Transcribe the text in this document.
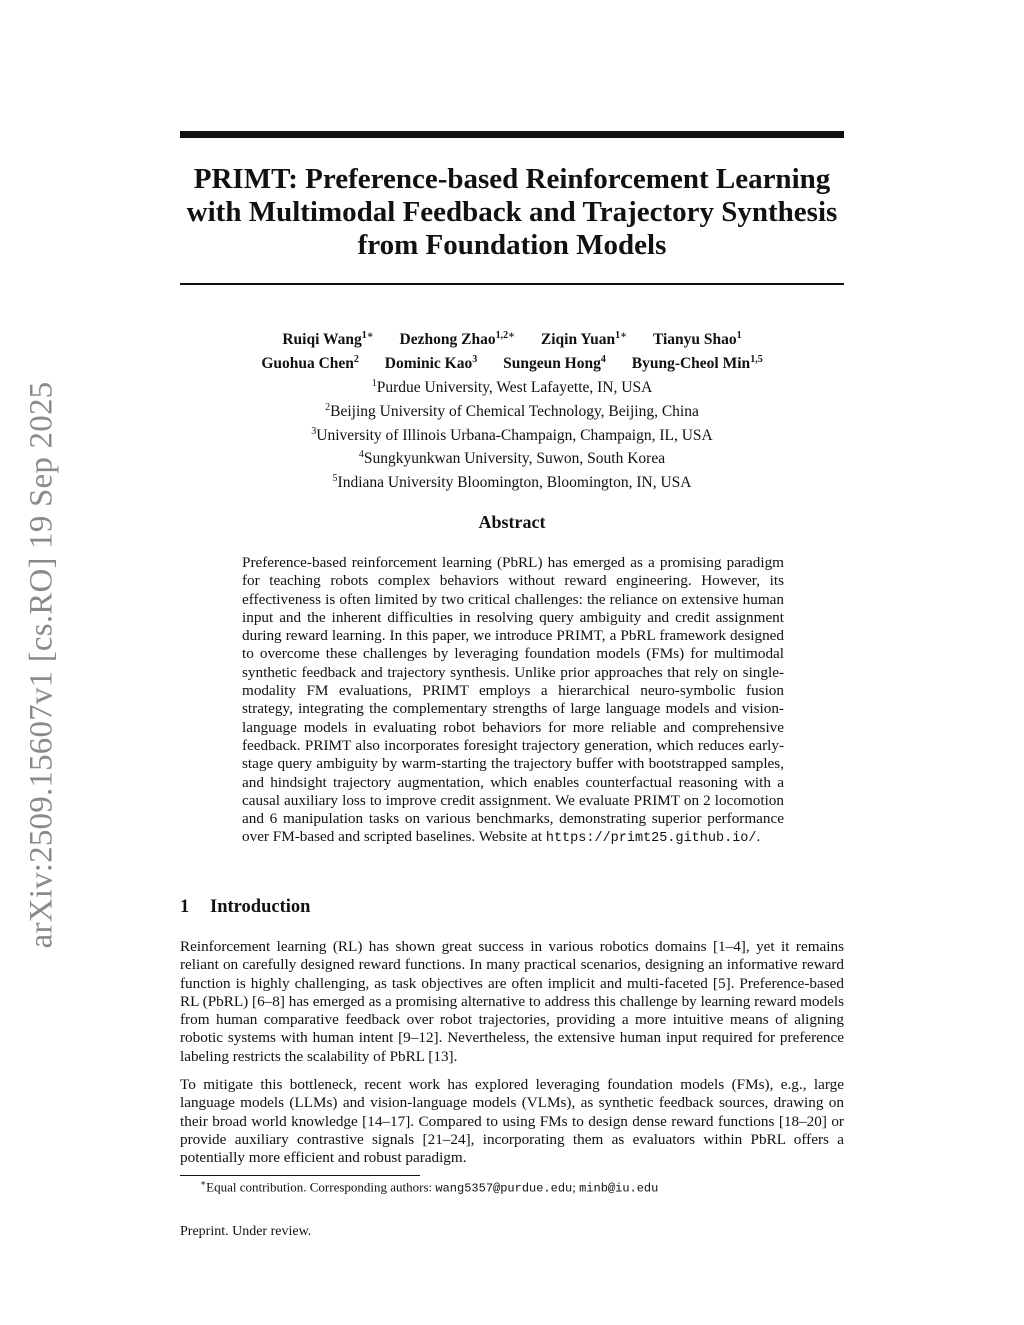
arXiv:2509.15607v1 [cs.RO] 19 Sep 2025
PRIMT: Preference-based Reinforcement Learning
with Multimodal Feedback and Trajectory Synthesis
from Foundation Models
Ruiqi Wang$^{1∗}$ Dezhong Zhao$^{1,2∗}$ Ziqin Yuan$^{1∗}$ Tianyu Shao$^1$
Guohua Chen$^2$ Dominic Kao$^3$ Sungeun Hong$^4$ Byung-Cheol Min$^{1,5}$
$^1$Purdue University, West Lafayette, IN, USA
$^2$Beijing University of Chemical Technology, Beijing, China
$^3$University of Illinois Urbana-Champaign, Champaign, IL, USA
$^4$Sungkyunkwan University, Suwon, South Korea
$^5$Indiana University Bloomington, Bloomington, IN, USA
Abstract

Preference-based reinforcement learning (PbRL) has emerged as a promising paradigm for teaching robots complex behaviors without reward engineering. However, its effectiveness is often limited by two critical challenges: the reliance on extensive human input and the inherent difficulties in resolving query ambiguity and credit assignment during reward learning. In this paper, we introduce PRIMT, a PbRL framework designed to overcome these challenges by leveraging foundation models (FMs) for multimodal synthetic feedback and trajectory synthesis. Unlike prior approaches that rely on single-modality FM evaluations, PRIMT employs a hierarchical neuro-symbolic fusion strategy, integrating the complementary strengths of large language models and vision-language models in evaluating robot behaviors for more reliable and comprehensive feedback. PRIMT also incorporates foresight trajectory generation, which reduces early-stage query ambiguity by warm-starting the trajectory buffer with bootstrapped samples, and hindsight trajectory augmentation, which enables counterfactual reasoning with a causal auxiliary loss to improve credit assignment. We evaluate PRIMT on 2 locomotion and 6 manipulation tasks on various benchmarks, demonstrating superior performance over FM-based and scripted baselines. Website at https://primt25.github.io/.

1 Introduction

Reinforcement learning (RL) has shown great success in various robotics domains [1–4], yet it remains reliant on carefully designed reward functions. In many practical scenarios, designing an informative reward function is highly challenging, as task objectives are often implicit and multi-faceted [5]. Preference-based RL (PbRL) [6–8] has emerged as a promising alternative to address this challenge by learning reward models from human comparative feedback over robot trajectories, providing a more intuitive means of aligning robotic systems with human intent [9–12]. Nevertheless, the extensive human input required for preference labeling restricts the scalability of PbRL [13].

To mitigate this bottleneck, recent work has explored leveraging foundation models (FMs), e.g., large language models (LLMs) and vision-language models (VLMs), as synthetic feedback sources, drawing on their broad world knowledge [14–17]. Compared to using FMs to design dense reward functions [18–20] or provide auxiliary contrastive signals [21–24], incorporating them as evaluators within PbRL offers a potentially more efficient and robust paradigm.

∗Equal contribution. Corresponding authors: wang5357@purdue.edu; minb@iu.edu
Preprint. Under review.
